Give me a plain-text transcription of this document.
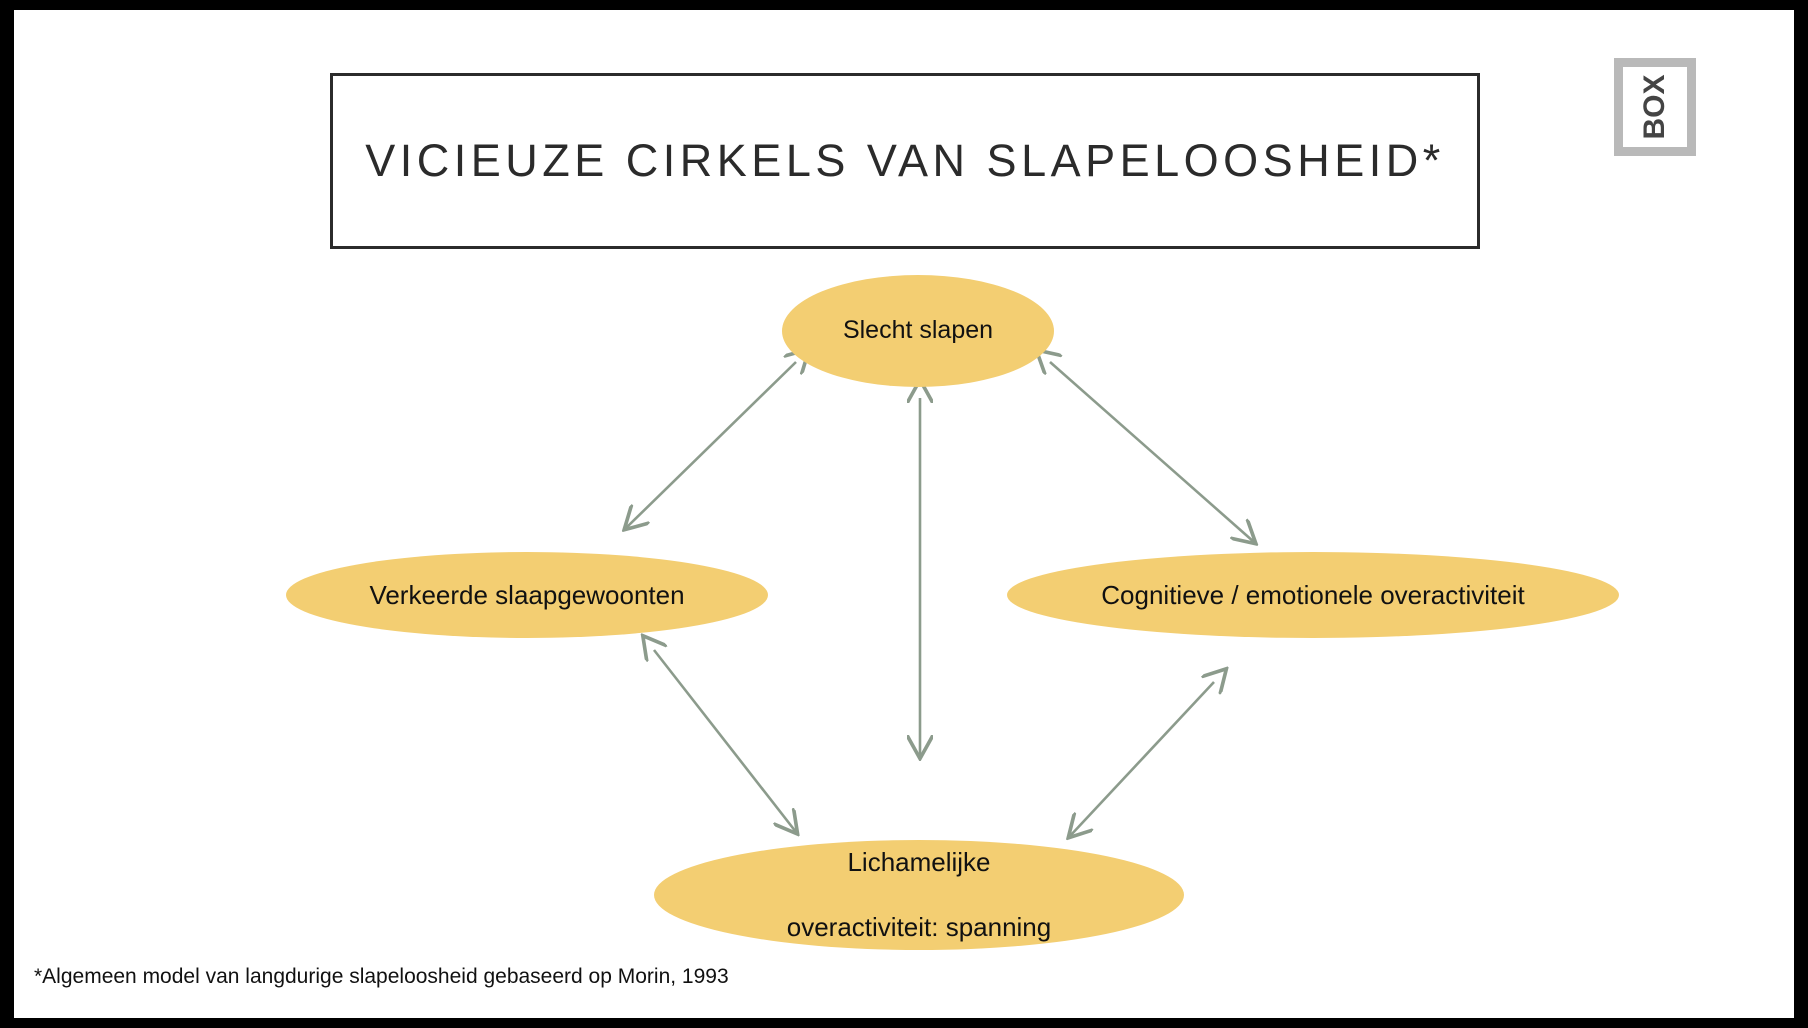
VICIEUZE CIRKELS VAN SLAPELOOSHEID*
BOX
Slecht slapen
Verkeerde slaapgewoonten	Cognitieve / emotionele overactiviteit
Lichamelijke

overactiviteit: spanning
*Algemeen model van langdurige slapeloosheid gebaseerd op Morin, 1993
